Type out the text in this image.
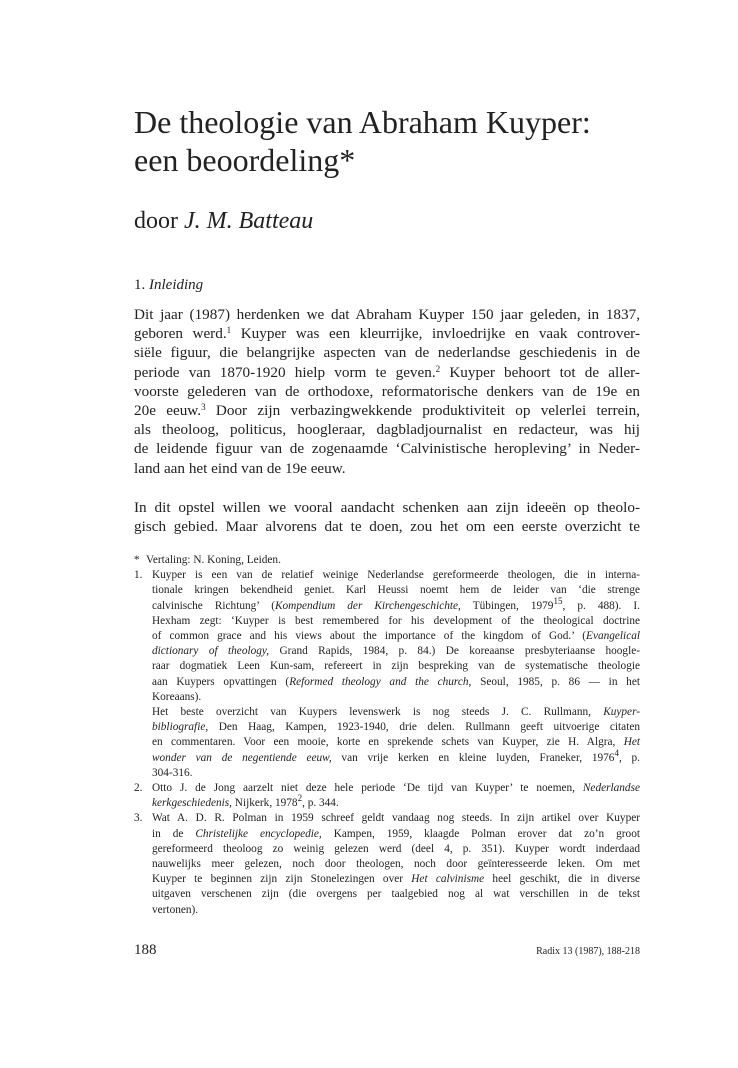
De theologie van Abraham Kuyper:
een beoordeling*
door J. M. Batteau
1. Inleiding
Dit jaar (1987) herdenken we dat Abraham Kuyper 150 jaar geleden, in 1837,
geboren werd.$^1$ Kuyper was een kleurrijke, invloedrijke en vaak controver-
siële figuur, die belangrijke aspecten van de nederlandse geschiedenis in de
periode van 1870-1920 hielp vorm te geven.$^2$ Kuyper behoort tot de aller-
voorste gelederen van de orthodoxe, reformatorische denkers van de 19e en
20e eeuw.$^3$ Door zijn verbazingwekkende produktiviteit op velerlei terrein,
als theoloog, politicus, hoogleraar, dagbladjournalist en redacteur, was hij
de leidende figuur van de zogenaamde ‘Calvinistische heropleving’ in Neder-
land aan het eind van de 19e eeuw.
In dit opstel willen we vooral aandacht schenken aan zijn ideeën op theolo-
gisch gebied. Maar alvorens dat te doen, zou het om een eerste overzicht te
* Vertaling: N. Koning, Leiden.
1. Kuyper is een van de relatief weinige Nederlandse gereformeerde theologen, die in interna-
tionale kringen bekendheid geniet. Karl Heussi noemt hem de leider van ‘die strenge
calvinische Richtung’ (Kompendium der Kirchengeschichte, Tübingen, 1979$^{15}$, p. 488). I.
Hexham zegt: ‘Kuyper is best remembered for his development of the theological doctrine
of common grace and his views about the importance of the kingdom of God.’ (Evangelical
dictionary of theology, Grand Rapids, 1984, p. 84.) De koreaanse presbyteriaanse hoogle-
raar dogmatiek Leen Kun-sam, refereert in zijn bespreking van de systematische theologie
aan Kuypers opvattingen (Reformed theology and the church, Seoul, 1985, p. 86 — in het
Koreaans).
Het beste overzicht van Kuypers levenswerk is nog steeds J. C. Rullmann, Kuyper-
bibliografie, Den Haag, Kampen, 1923-1940, drie delen. Rullmann geeft uitvoerige citaten
en commentaren. Voor een mooie, korte en sprekende schets van Kuyper, zie H. Algra, Het
wonder van de negentiende eeuw, van vrije kerken en kleine luyden, Franeker, 1976$^4$, p.
304-316.
2. Otto J. de Jong aarzelt niet deze hele periode ‘De tijd van Kuyper’ te noemen, Nederlandse
kerkgeschiedenis, Nijkerk, 1978$^2$, p. 344.
3. Wat A. D. R. Polman in 1959 schreef geldt vandaag nog steeds. In zijn artikel over Kuyper
in de Christelijke encyclopedie, Kampen, 1959, klaagde Polman erover dat zo’n groot
gereformeerd theoloog zo weinig gelezen werd (deel 4, p. 351). Kuyper wordt inderdaad
nauwelijks meer gelezen, noch door theologen, noch door geïnteresseerde leken. Om met
Kuyper te beginnen zijn zijn Stonelezingen over Het calvinisme heel geschikt, die in diverse
uitgaven verschenen zijn (die overgens per taalgebied nog al wat verschillen in de tekst
vertonen).
188	Radix 13 (1987), 188-218
